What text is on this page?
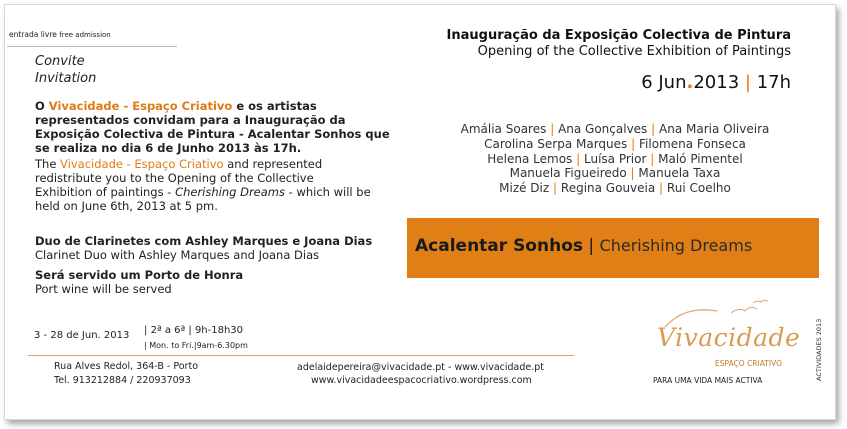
entrada livre free admission
Convite
Invitation
O Vivacidade - Espaço Criativo e os artistas
representados convidam para a Inauguração da
Exposição Colectiva de Pintura - Acalentar Sonhos que
se realiza no dia 6 de Junho 2013 às 17h.
The Vivacidade - Espaço Criativo and represented
redistribute you to the Opening of the Collective
Exhibition of paintings - Cherishing Dreams - which will be
held on June 6th, 2013 at 5 pm.
Duo de Clarinetes com Ashley Marques e Joana Dias
Clarinet Duo with Ashley Marques and Joana Dias
Será servido um Porto de Honra
Port wine will be served
3 - 28 de Jun. 2013 | 2ª a 6ª | 9h-18h30
| Mon. to Fri.|9am-6.30pm
Rua Alves Redol, 364-B - Porto
Tel. 913212884 / 220937093
adelaidepereira@vivacidade.pt - www.vivacidade.pt
www.vivacidadeespacocriativo.wordpress.com
Inauguração da Exposição Colectiva de Pintura
Opening of the Collective Exhibition of Paintings
6 Jun.2013 | 17h
Amália Soares | Ana Gonçalves | Ana Maria Oliveira
Carolina Serpa Marques | Filomena Fonseca
Helena Lemos | Luísa Prior | Maló Pimentel
Manuela Figueiredo | Manuela Taxa
Mizé Diz | Regina Gouveia | Rui Coelho
Acalentar Sonhos | Cherishing Dreams
Vivacidade
ESPAÇO CRIATIVO
PARA UMA VIDA MAIS ACTIVA	ACTIVIDADES 2013
